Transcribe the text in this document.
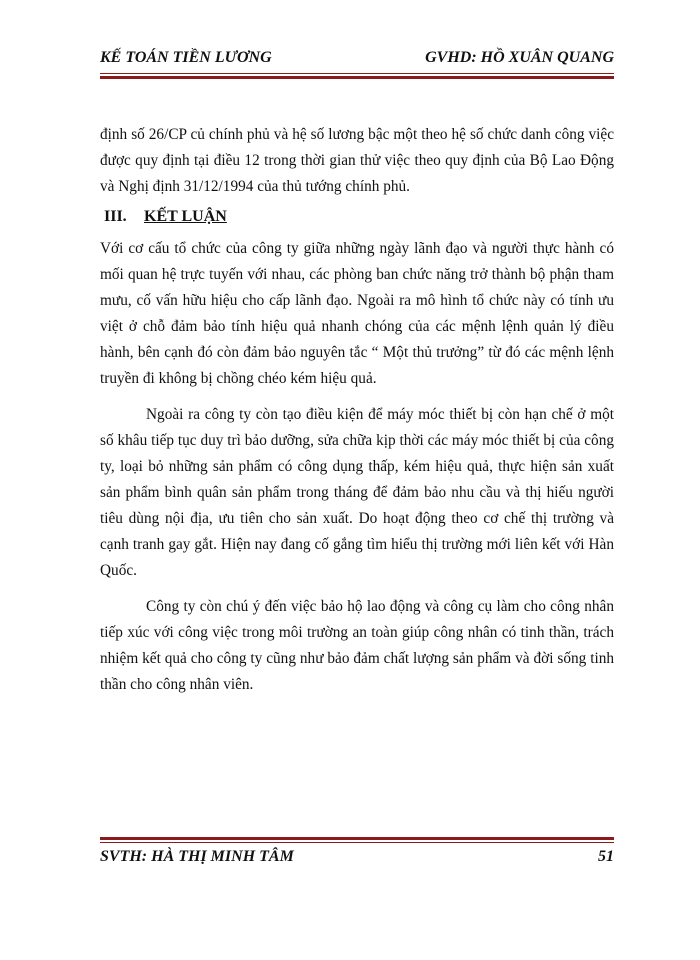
KẾ TOÁN TIỀN LƯƠNG	GVHD: HỒ XUÂN QUANG

định số 26/CP củ chính phủ và hệ số lương bậc một theo hệ số chức danh công việc được quy định tại điều 12 trong thời gian thử việc theo quy định của Bộ Lao Động và Nghị định 31/12/1994 của thủ tướng chính phủ.

III. KẾT LUẬN

Với cơ cấu tổ chức của công ty giữa những ngày lãnh đạo và người thực hành có mối quan hệ trực tuyến với nhau, các phòng ban chức năng trở thành bộ phận tham mưu, cố vấn hữu hiệu cho cấp lãnh đạo. Ngoài ra mô hình tổ chức này có tính ưu việt ở chỗ đảm bảo tính hiệu quả nhanh chóng của các mệnh lệnh quản lý điều hành, bên cạnh đó còn đảm bảo nguyên tắc “ Một thủ trưởng” từ đó các mệnh lệnh truyền đi không bị chồng chéo kém hiệu quả.

Ngoài ra công ty còn tạo điều kiện để máy móc thiết bị còn hạn chế ở một số khâu tiếp tục duy trì bảo dưỡng, sửa chữa kịp thời các máy móc thiết bị của công ty, loại bỏ những sản phẩm có công dụng thấp, kém hiệu quả, thực hiện sản xuất sản phẩm bình quân sản phẩm trong tháng để đảm bảo nhu cầu và thị hiếu người tiêu dùng nội địa, ưu tiên cho sản xuất. Do hoạt động theo cơ chế thị trường và cạnh tranh gay gắt. Hiện nay đang cố gắng tìm hiểu thị trường mới liên kết với Hàn Quốc.

Công ty còn chú ý đến việc bảo hộ lao động và công cụ làm cho công nhân tiếp xúc với công việc trong môi trường an toàn giúp công nhân có tinh thần, trách nhiệm kết quả cho công ty cũng như bảo đảm chất lượng sản phẩm và đời sống tinh thần cho công nhân viên.

SVTH: HÀ THỊ MINH TÂM	51
